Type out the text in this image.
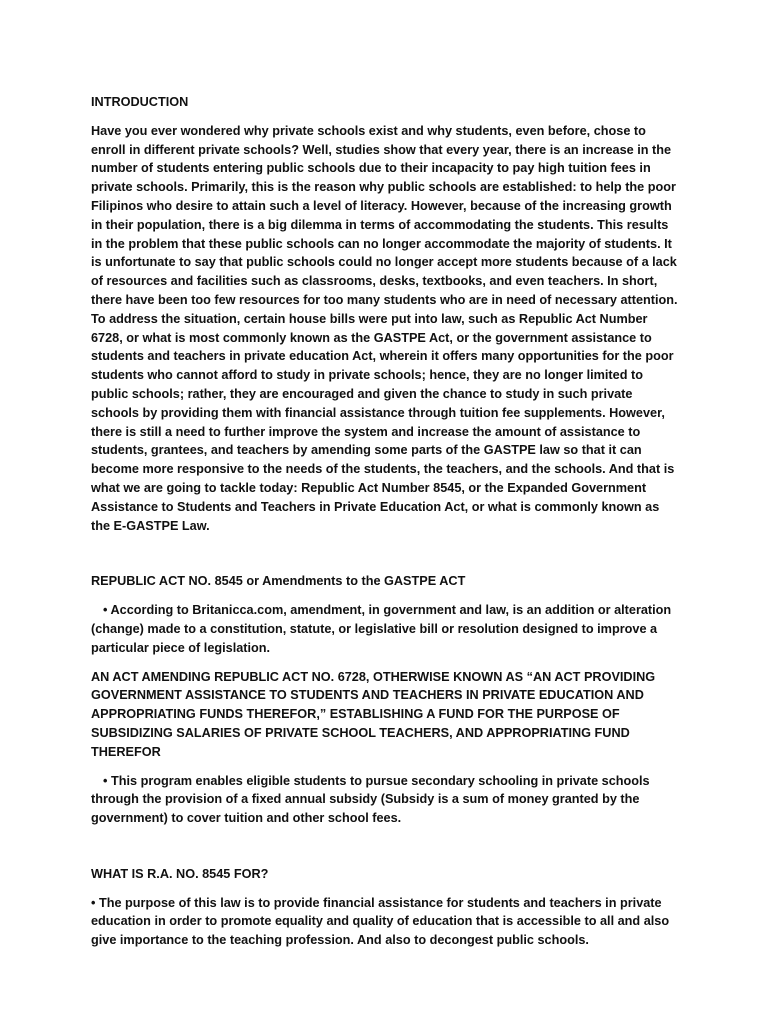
INTRODUCTION

Have you ever wondered why private schools exist and why students, even before, chose to enroll in different private schools? Well, studies show that every year, there is an increase in the number of students entering public schools due to their incapacity to pay high tuition fees in private schools. Primarily, this is the reason why public schools are established: to help the poor Filipinos who desire to attain such a level of literacy. However, because of the increasing growth in their population, there is a big dilemma in terms of accommodating the students. This results in the problem that these public schools can no longer accommodate the majority of students. It is unfortunate to say that public schools could no longer accept more students because of a lack of resources and facilities such as classrooms, desks, textbooks, and even teachers. In short, there have been too few resources for too many students who are in need of necessary attention. To address the situation, certain house bills were put into law, such as Republic Act Number 6728, or what is most commonly known as the GASTPE Act, or the government assistance to students and teachers in private education Act, wherein it offers many opportunities for the poor students who cannot afford to study in private schools; hence, they are no longer limited to public schools; rather, they are encouraged and given the chance to study in such private schools by providing them with financial assistance through tuition fee supplements. However, there is still a need to further improve the system and increase the amount of assistance to students, grantees, and teachers by amending some parts of the GASTPE law so that it can become more responsive to the needs of the students, the teachers, and the schools. And that is what we are going to tackle today: Republic Act Number 8545, or the Expanded Government Assistance to Students and Teachers in Private Education Act, or what is commonly known as the E-GASTPE Law.

REPUBLIC ACT NO. 8545 or Amendments to the GASTPE ACT

• According to Britanicca.com, amendment, in government and law, is an addition or alteration (change) made to a constitution, statute, or legislative bill or resolution designed to improve a particular piece of legislation.

AN ACT AMENDING REPUBLIC ACT NO. 6728, OTHERWISE KNOWN AS “AN ACT PROVIDING GOVERNMENT ASSISTANCE TO STUDENTS AND TEACHERS IN PRIVATE EDUCATION AND APPROPRIATING FUNDS THEREFOR,” ESTABLISHING A FUND FOR THE PURPOSE OF SUBSIDIZING SALARIES OF PRIVATE SCHOOL TEACHERS, AND APPROPRIATING FUND THEREFOR

• This program enables eligible students to pursue secondary schooling in private schools through the provision of a fixed annual subsidy (Subsidy is a sum of money granted by the government) to cover tuition and other school fees.

WHAT IS R.A. NO. 8545 FOR?

• The purpose of this law is to provide financial assistance for students and teachers in private education in order to promote equality and quality of education that is accessible to all and also give importance to the teaching profession. And also to decongest public schools.
